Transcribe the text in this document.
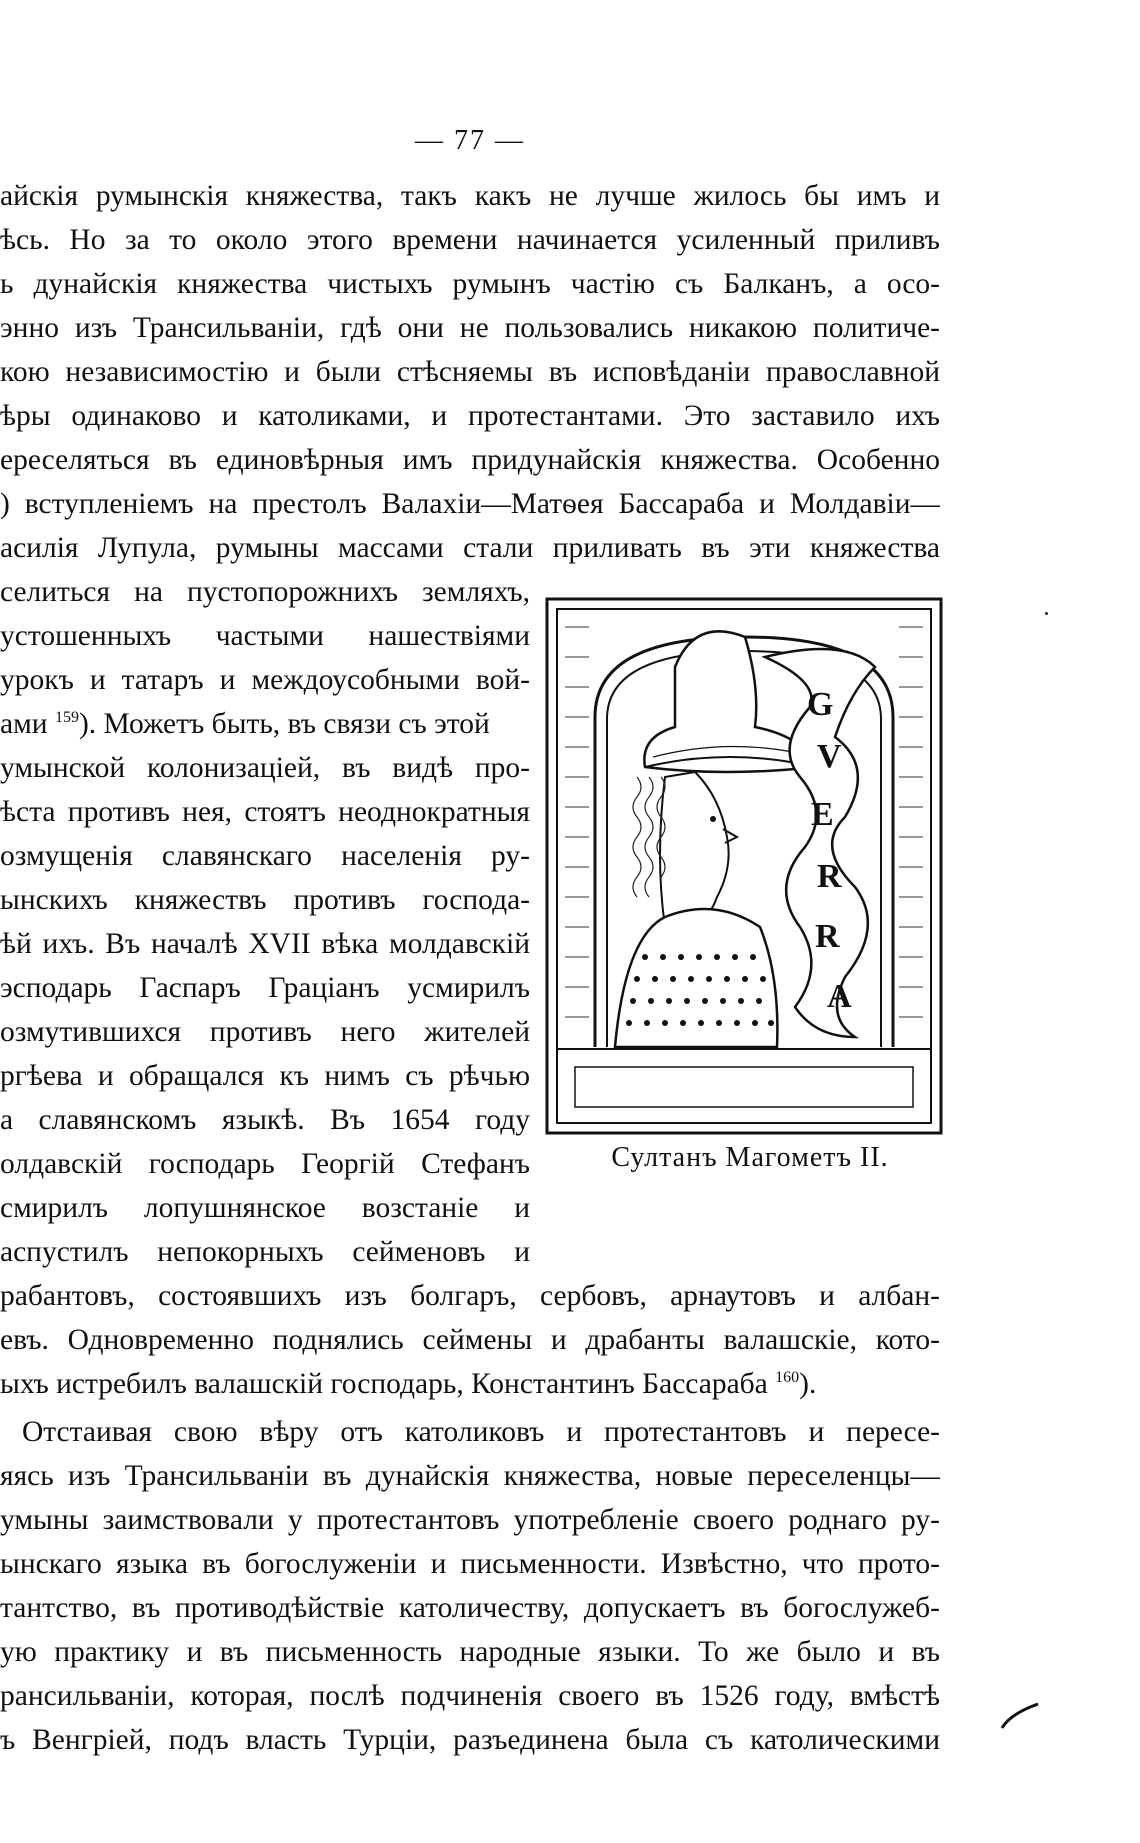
— 77 —
айскія румынскія княжества, такъ какъ не лучше жилось бы имъ и
ѣсь. Но за то около этого времени начинается усиленный приливъ
ь дунайскія княжества чистыхъ румынъ частію съ Балканъ, а осо-
энно изъ Трансильваніи, гдѣ они не пользовались никакою политиче-
кою независимостію и были стѣсняемы въ исповѣданіи православной
ѣры одинаково и католиками, и протестантами. Это заставило ихъ
ереселяться въ единовѣрныя имъ придунайскія княжества. Особенно
) вступленіемъ на престолъ Валахіи—Матѳея Бассараба и Молдавіи—
асилія Лупула, румыны массами стали приливать въ эти княжества
селиться на пустопорожнихъ земляхъ,
устошенныхъ частыми нашествіями
урокъ и татаръ и междоусобными вой-
ами $^{159}$). Можетъ быть, въ связи съ этой
умынской колонизаціей, въ видѣ про-
ѣста противъ нея, стоятъ неоднократныя
озмущенія славянскаго населенія ру-
ынскихъ княжествъ противъ господа-
ѣй ихъ. Въ началѣ XVII вѣка молдавскій
эсподарь Гаспаръ Граціанъ усмирилъ
озмутившихся противъ него жителей
ргѣева и обращался къ нимъ съ рѣчью
а славянскомъ языкѣ. Въ 1654 году
олдавскій господарь Георгій Стефанъ
смирилъ лопушнянское возстаніе и
аспустилъ непокорныхъ сейменовъ и
G
V
E
R
R
A
Султанъ Магометъ II.
рабантовъ, состоявшихъ изъ болгаръ, сербовъ, арнаутовъ и албан-
евъ. Одновременно поднялись сеймены и драбанты валашскіе, кото-
ыхъ истребилъ валашскій господарь, Константинъ Бассараба $^{160}$).
Отстаивая свою вѣру отъ католиковъ и протестантовъ и пересе-
яясь изъ Трансильваніи въ дунайскія княжества, новые переселенцы—
умыны заимствовали у протестантовъ употребленіе своего роднаго ру-
ынскаго языка въ богослуженіи и письменности. Извѣстно, что прото-
тантство, въ противодѣйствіе католичеству, допускаетъ въ богослужеб-
ую практику и въ письменность народные языки. То же было и въ
рансильваніи, которая, послѣ подчиненія своего въ 1526 году, вмѣстѣ
ъ Венгріей, подъ власть Турціи, разъединена была съ католическими
